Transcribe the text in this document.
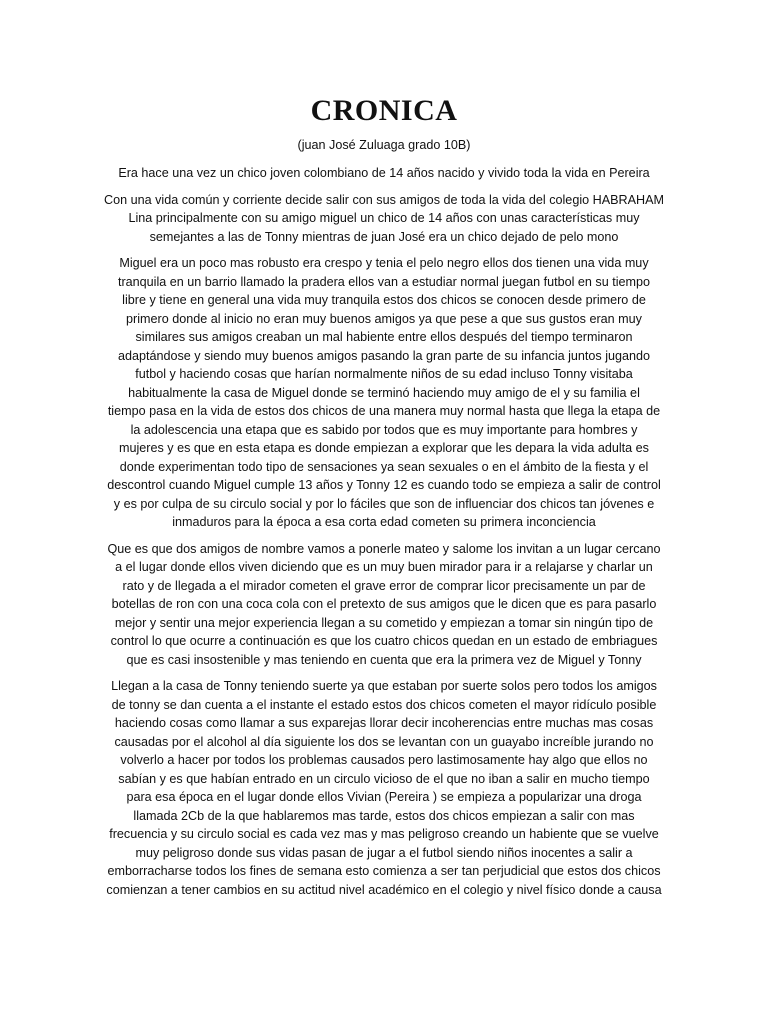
CRONICA
(juan José Zuluaga grado 10B)

Era hace una vez un chico joven colombiano de 14 años nacido y vivido toda la vida en Pereira

Con una vida común y corriente decide salir con sus amigos de toda la vida del colegio HABRAHAM
Lina principalmente con su amigo miguel un chico de 14 años con unas características muy
semejantes a las de Tonny mientras de juan José era un chico dejado de pelo mono

Miguel era un poco mas robusto era crespo y tenia el pelo negro ellos dos tienen una vida muy
tranquila en un barrio llamado la pradera ellos van a estudiar normal juegan futbol en su tiempo
libre y tiene en general una vida muy tranquila estos dos chicos se conocen desde primero de
primero donde al inicio no eran muy buenos amigos ya que pese a que sus gustos eran muy
similares sus amigos creaban un mal habiente entre ellos después del tiempo terminaron
adaptándose y siendo muy buenos amigos pasando la gran parte de su infancia juntos jugando
futbol y haciendo cosas que harían normalmente niños de su edad incluso Tonny visitaba
habitualmente la casa de Miguel donde se terminó haciendo muy amigo de el y su familia el
tiempo pasa en la vida de estos dos chicos de una manera muy normal hasta que llega la etapa de
la adolescencia una etapa que es sabido por todos que es muy importante para hombres y
mujeres y es que en esta etapa es donde empiezan a explorar que les depara la vida adulta es
donde experimentan todo tipo de sensaciones ya sean sexuales o en el ámbito de la fiesta y el
descontrol cuando Miguel cumple 13 años y Tonny 12 es cuando todo se empieza a salir de control
y es por culpa de su circulo social y por lo fáciles que son de influenciar dos chicos tan jóvenes e
inmaduros para la época a esa corta edad cometen su primera inconciencia

Que es que dos amigos de nombre vamos a ponerle mateo y salome los invitan a un lugar cercano
a el lugar donde ellos viven diciendo que es un muy buen mirador para ir a relajarse y charlar un
rato y de llegada a el mirador cometen el grave error de comprar licor precisamente un par de
botellas de ron con una coca cola con el pretexto de sus amigos que le dicen que es para pasarlo
mejor y sentir una mejor experiencia llegan a su cometido y empiezan a tomar sin ningún tipo de
control lo que ocurre a continuación es que los cuatro chicos quedan en un estado de embriagues
que es casi insostenible y mas teniendo en cuenta que era la primera vez de Miguel y Tonny

Llegan a la casa de Tonny teniendo suerte ya que estaban por suerte solos pero todos los amigos
de tonny se dan cuenta a el instante el estado estos dos chicos cometen el mayor ridículo posible
haciendo cosas como llamar a sus exparejas llorar decir incoherencias entre muchas mas cosas
causadas por el alcohol al día siguiente los dos se levantan con un guayabo increíble jurando no
volverlo a hacer por todos los problemas causados pero lastimosamente hay algo que ellos no
sabían y es que habían entrado en un circulo vicioso de el que no iban a salir en mucho tiempo
para esa época en el lugar donde ellos Vivian (Pereira ) se empieza a popularizar una droga
llamada 2Cb de la que hablaremos mas tarde, estos dos chicos empiezan a salir con mas
frecuencia y su circulo social es cada vez mas y mas peligroso creando un habiente que se vuelve
muy peligroso donde sus vidas pasan de jugar a el futbol siendo niños inocentes a salir a
emborracharse todos los fines de semana esto comienza a ser tan perjudicial que estos dos chicos
comienzan a tener cambios en su actitud nivel académico en el colegio y nivel físico donde a causa
